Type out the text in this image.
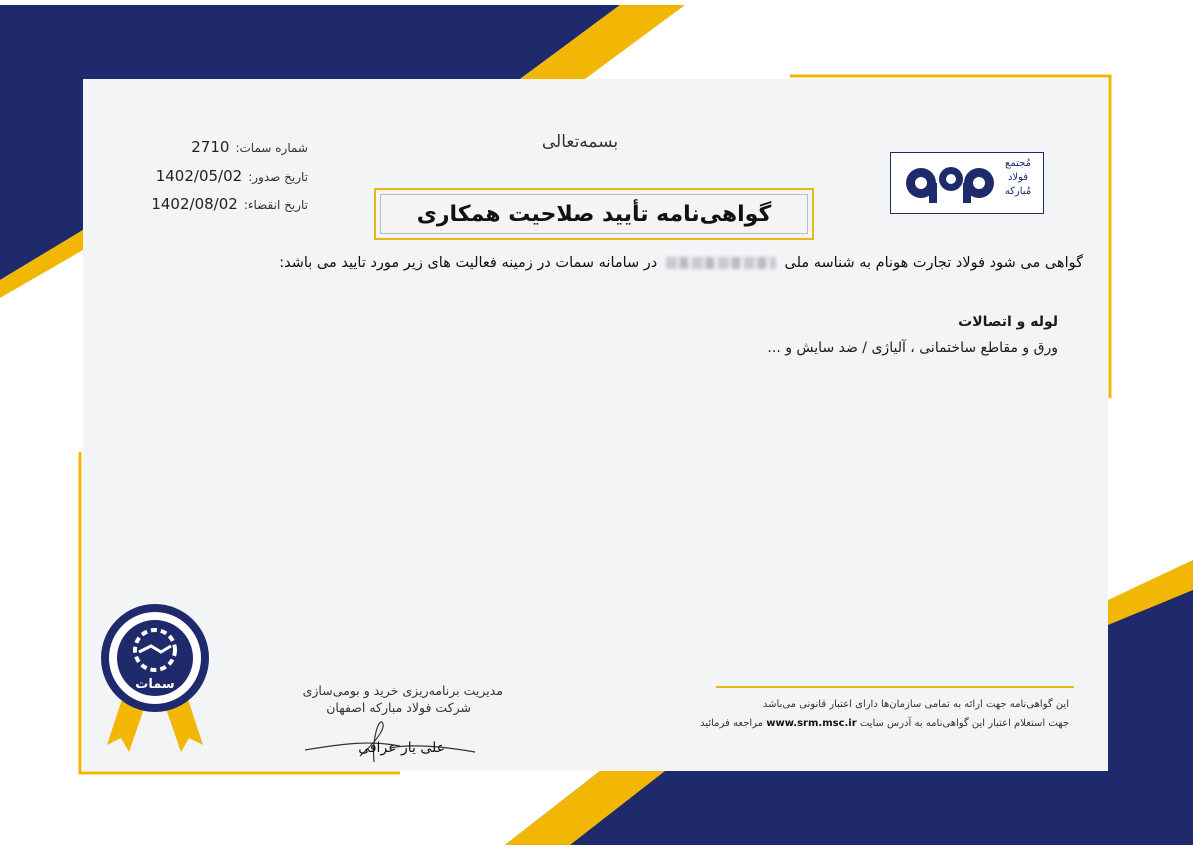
بسمه‌تعالی
گواهی‌نامه تأیید صلاحیت همکاری
2710 شماره سمات:
1402/05/02 تاریخ صدور:
1402/08/02 تاریخ انقضاء:
مُجتمع
فولاد
مُبارکه
گواهی می شود فولاد تجارت هونام به شناسه ملی  در سامانه سمات در زمینه فعالیت های زیر مورد تایید می باشد:
لوله و اتصالات
ورق و مقاطع ساختمانی ، آلیاژی / ضد سایش و ...
این گواهی‌نامه جهت ارائه به تمامی سازمان‌ها دارای اعتبار قانونی می‌باشد
جهت استعلام اعتبار این گواهی‌نامه به آدرس سایت www.srm.msc.ir مراجعه فرمائید
مدیریت برنامه‌ریزی خرید و بومی‌سازی
شرکت فولاد مبارکه اصفهان
علی یار عراقی
سمات
